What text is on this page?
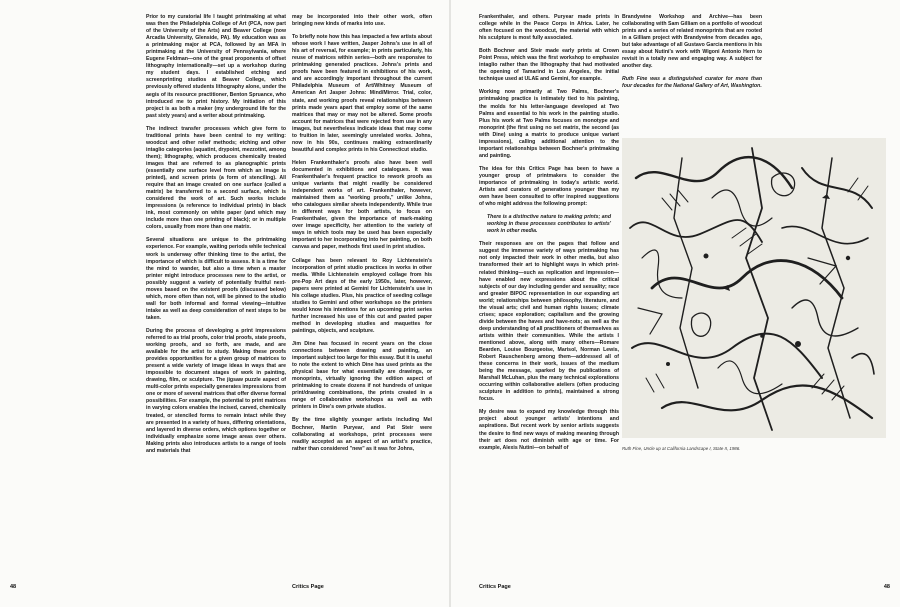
Prior to my curatorial life I taught printmaking at what was then the Philadelphia College of Art (PCA, now part of the University of the Arts) and Beaver College (now Arcadia University, Glenside, PA). My education was as a printmaking major at PCA, followed by an MFA in printmaking at the University of Pennsylvania, where Eugene Feldman—one of the great proponents of offset lithography internationally—set up a workshop during my student days. I established etching and screenprinting studios at Beaver College, which previously offered students lithography alone, under the aegis of its resource practitioner, Benton Spruance, who introduced me to print history. My initiation of this project is as both a maker (my underground life for the past sixty years) and a writer about printmaking.

The indirect transfer processes which give form to traditional prints have been central to my writing: woodcut and other relief methods; etching and other intaglio categories (aquatint, drypoint, mezzotint, among them); lithography, which produces chemically treated images that are referred to as planographic prints (essentially one surface level from which an image is printed), and screen prints (a form of stenciling). All require that an image created on one surface (called a matrix) be transferred to a second surface, which is considered the work of art. Such works include impressions (a reference to individual prints) in black ink, most commonly on white paper (and which may include more than one printing of black); or in multiple colors, usually from more than one matrix.

Several situations are unique to the printmaking experience. For example, waiting periods while technical work is underway offer thinking time to the artist, the importance of which is difficult to assess. It is a time for the mind to wander, but also a time when a master printer might introduce processes new to the artist, or possibly suggest a variety of potentially fruitful next-moves based on the existent proofs (discussed below) which, more often than not, will be pinned to the studio wall for both informal and formal viewing—intuitive intake as well as deep consideration of next steps to be taken.

During the process of developing a print impressions referred to as trial proofs, color trial proofs, state proofs, working proofs, and so forth, are made, and are available for the artist to study. Making these proofs provides opportunities for a given group of matrices to present a wide variety of image ideas in ways that are impossible to document stages of work in painting, drawing, film, or sculpture. The jigsaw puzzle aspect of multi-color prints especially generates impressions from one or more of several matrices that offer diverse formal possibilities. For example, the potential to print matrices in varying colors enables the incised, carved, chemically treated, or stenciled forms to remain intact while they are presented in a variety of hues, differing orientations, and layered in diverse orders, which options together or individually emphasize some image areas over others. Making prints also introduces artists to a range of tools and materials that

may be incorporated into their other work, often bringing new kinds of marks into use.

To briefly note how this has impacted a few artists about whose work I have written, Jasper Johns's use in all of his art of reversal, for example; in prints particularly, his reuse of matrices within series—both are responsive to printmaking generated practices. Johns's prints and proofs have been featured in exhibitions of his work, and are accordingly important throughout the current Philadelphia Museum of Art/Whitney Museum of American Art Jasper Johns: Mind/Mirror. Trial, color, state, and working proofs reveal relationships between prints made years apart that employ some of the same matrices that may or may not be altered. Some proofs account for matrices that were rejected from use in any images, but nevertheless indicate ideas that may come to fruition in later, seemingly unrelated works. Johns, now in his 90s, continues making extraordinarily beautiful and complex prints in his Connecticut studio.

Helen Frankenthaler's proofs also have been well documented in exhibitions and catalogues. It was Frankenthaler's frequent practice to rework proofs as unique variants that might readily be considered independent works of art. Frankenthaler, however, maintained them as "working proofs," unlike Johns, who catalogues similar sheets independently. While true in different ways for both artists, to focus on Frankenthaler, given the importance of mark-making over image specificity, her attention to the variety of ways in which tools may be used has been especially important to her incorporating into her painting, on both canvas and paper, methods first used in print studios.

Collage has been relevant to Roy Lichtenstein's incorporation of print studio practices in works in other media. While Lichtenstein employed collage from his pre-Pop Art days of the early 1950s, later, however, papers were printed at Gemini for Lichtenstein's use in his collage studies. Plus, his practice of seeding collage studies to Gemini and other workshops so the printers would know his intentions for an upcoming print series further increased his use of this cut and pasted paper method in developing studies and maquettes for paintings, objects, and sculpture.

Jim Dine has focused in recent years on the close connections between drawing and painting, an important subject too large for this essay. But it is useful to note the extent to which Dine has used prints as the physical base for what essentially are drawings, or monoprints, virtually ignoring the edition aspect of printmaking to create dozens if not hundreds of unique print/drawing combinations, the prints created in a range of collaborative workshops as well as with printers in Dine's own private studios.

By the time slightly younger artists including Mel Bochner, Martin Puryear, and Pat Steir were collaborating at workshops, print processes were readily accepted as an aspect of an artist's practice, rather than considered "new" as it was for Johns,

Frankenthaler, and others. Puryear made prints in college while in the Peace Corps in Africa. Later, he often focused on the woodcut, the material with which his sculpture is most fully associated.

Both Bochner and Steir made early prints at Crown Point Press, which was the first workshop to emphasize intaglio rather than the lithography that had motivated the opening of Tamarind in Los Angeles, the initial technique used at ULAE and Gemini, for example.

Working now primarily at Two Palms, Bochner's printmaking practice is intimately tied to his painting, the molds for his letter-language developed at Two Palms and essential to his work in the painting studio. Plus his work at Two Palms focuses on monotype and monoprint (the first using no set matrix, the second (as with Dine) using a matrix to produce unique variant impressions), calling additional attention to the important relationships between Bochner's printmaking and painting.

The idea for this Critics Page has been to have a younger group of printmakers to consider the importance of printmaking in today's artistic world. Artists and curators of generations younger than my own have been consulted to offer inspired suggestions of who might address the following prompt:

There is a distinctive nature to making prints; and working in these processes contributes to artists' work in other media.

Their responses are on the pages that follow and suggest the immense variety of ways printmaking has not only impacted their work in other media, but also transformed their art to highlight ways in which print-related thinking—such as replication and impression—have enabled new expressions about the critical subjects of our day including gender and sexuality; race and greater BIPOC representation in our expanding art world; relationships between philosophy, literature, and the visual arts; civil and human rights issues; climate crises; space exploration; capitalism and the growing divide between the haves and have-nots; as well as the deep understanding of all practitioners of themselves as artists within their communities. While the artists I mentioned above, along with many others—Romare Bearden, Louise Bourgeoise, Marisol, Norman Lewis, Robert Rauschenberg among them—addressed all of these concerns in their work, issues of the medium being the message, sparked by the publications of Marshall McLuhan, plus the many technical explorations occurring within collaborative ateliers (often producing sculpture in addition to prints), maintained a strong focus.

My desire was to expand my knowledge through this project about younger artists' intentions and aspirations. But recent work by senior artists suggests the desire to find new ways of making meaning through their art does not diminish with age or time. For example, Alexis Nutini—on behalf of

Brandywine Workshop and Archive—has been collaborating with Sam Gilliam on a portfolio of woodcut prints and a series of related monoprints that are rooted in a Gilliam project with Brandywine from decades ago, but take advantage of all Gustavo Garcia mentions in his essay about Nutini's work with Wigoni Antonio Hern to revisit in a totally new and engaging way. A subject for another day.

Ruth Fine was a distinguished curator for more than four decades for the National Gallery of Art, Washington.

Ruth Fine, Uncle up at California Landscape I, State II, 1986.
48	Critics Page	Critics Page	48
